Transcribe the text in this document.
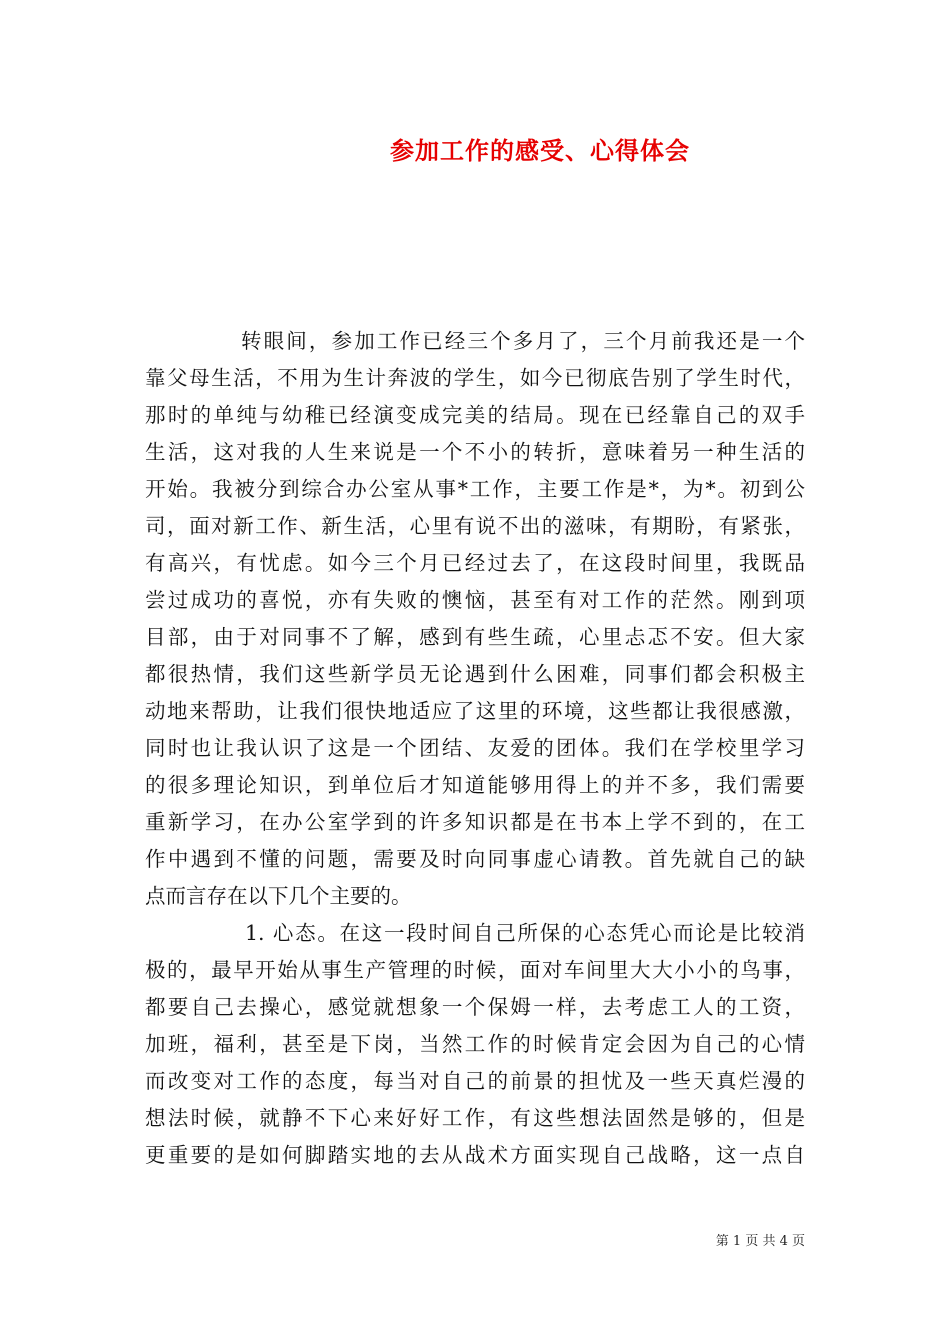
参加工作的感受、心得体会
转眼间，参加工作已经三个多月了，三个月前我还是一个
靠父母生活，不用为生计奔波的学生，如今已彻底告别了学生时代，
那时的单纯与幼稚已经演变成完美的结局。现在已经靠自己的双手
生活，这对我的人生来说是一个不小的转折，意味着另一种生活的
开始。我被分到综合办公室从事*工作，主要工作是*，为*。初到公
司，面对新工作、新生活，心里有说不出的滋味，有期盼，有紧张，
有高兴，有忧虑。如今三个月已经过去了，在这段时间里，我既品
尝过成功的喜悦，亦有失败的懊恼，甚至有对工作的茫然。刚到项
目部，由于对同事不了解，感到有些生疏，心里忐忑不安。但大家
都很热情，我们这些新学员无论遇到什么困难，同事们都会积极主
动地来帮助，让我们很快地适应了这里的环境，这些都让我很感激，
同时也让我认识了这是一个团结、友爱的团体。我们在学校里学习
的很多理论知识，到单位后才知道能够用得上的并不多，我们需要
重新学习，在办公室学到的许多知识都是在书本上学不到的，在工
作中遇到不懂的问题，需要及时向同事虚心请教。首先就自己的缺
点而言存在以下几个主要的。
1. 心态。在这一段时间自己所保的心态凭心而论是比较消
极的，最早开始从事生产管理的时候，面对车间里大大小小的鸟事，
都要自己去操心，感觉就想象一个保姆一样，去考虑工人的工资，
加班，福利，甚至是下岗，当然工作的时候肯定会因为自己的心情
而改变对工作的态度，每当对自己的前景的担忧及一些天真烂漫的
想法时候，就静不下心来好好工作，有这些想法固然是够的，但是
更重要的是如何脚踏实地的去从战术方面实现自己战略，这一点自
第 1 页 共 4 页
